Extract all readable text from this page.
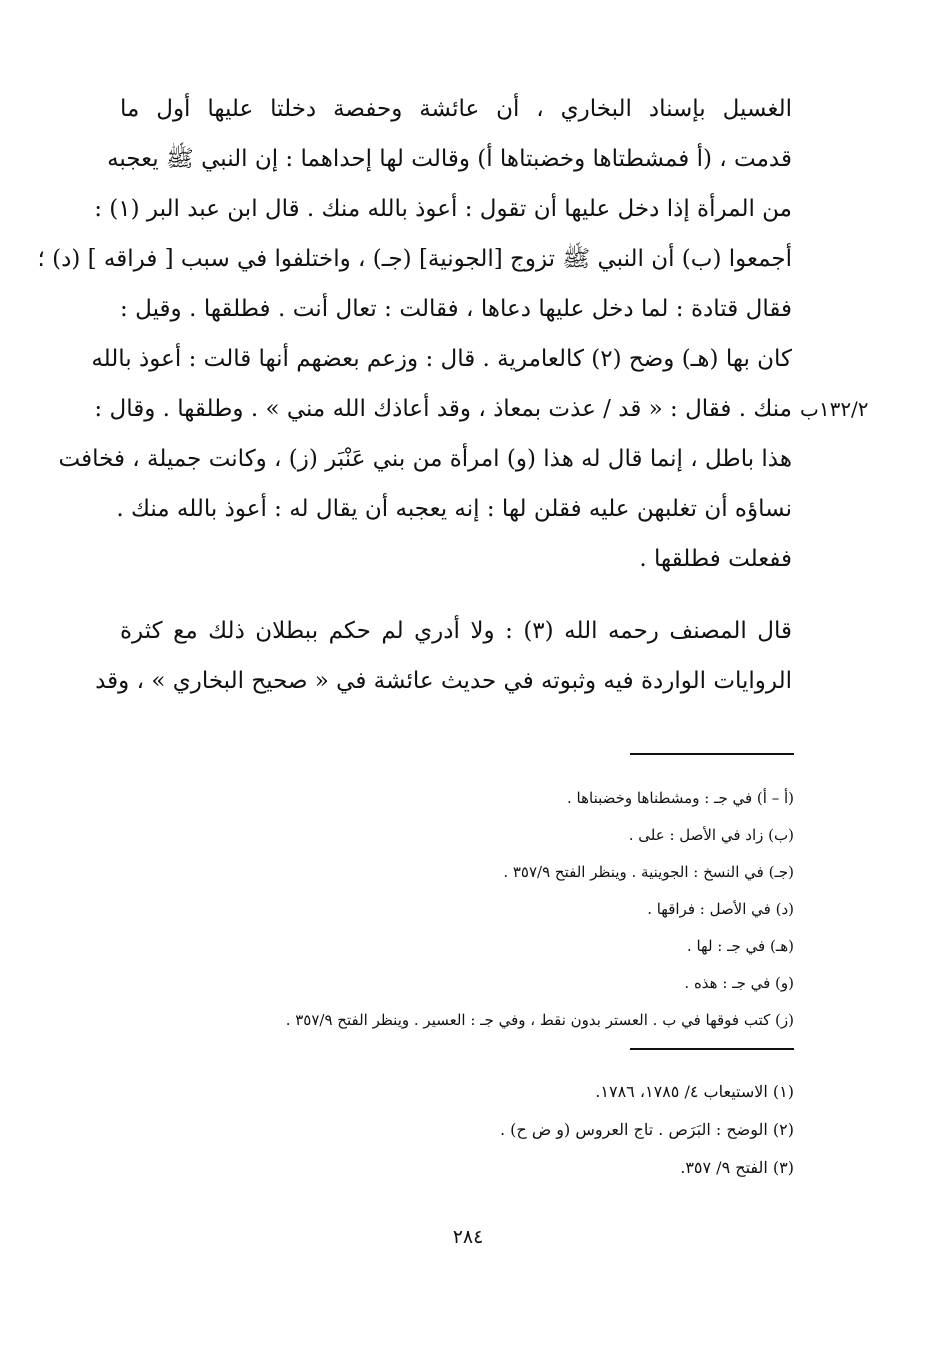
الغسيل بإسناد البخاري ، أن عائشة وحفصة دخلتا عليها أول ما
قدمت ، (أ فمشطتاها وخضبتاها أ) وقالت لها إحداهما : إن النبي ﷺ يعجبه
من المرأة إذا دخل عليها أن تقول : أعوذ بالله منك . قال ابن عبد البر (١) :
أجمعوا (ب) أن النبي ﷺ تزوج [الجونية] (جـ) ، واختلفوا في سبب [ فراقه ] (د) ؛
فقال قتادة : لما دخل عليها دعاها ، فقالت : تعال أنت . فطلقها . وقيل :
كان بها (هـ) وضح (٢) كالعامرية . قال : وزعم بعضهم أنها قالت : أعوذ بالله
منك . فقال : « قد / عذت بمعاذ ، وقد أعاذك الله مني » . وطلقها . وقال :
هذا باطل ، إنما قال له هذا (و) امرأة من بني عَنْبَر (ز) ، وكانت جميلة ، فخافت
نساؤه أن تغلبهن عليه فقلن لها : إنه يعجبه أن يقال له : أعوذ بالله منك .
ففعلت فطلقها .
قال المصنف رحمه الله (٣) : ولا أدري لم حكم ببطلان ذلك مع كثرة
الروايات الواردة فيه وثبوته في حديث عائشة في « صحيح البخاري » ، وقد
١٣٢/٢ب
(أ – أ) في جـ : ومشطناها وخضبناها .
(ب) زاد في الأصل : على .
(جـ) في النسخ : الجوينية . وينظر الفتح ٣٥٧/٩ .
(د) في الأصل : فراقها .
(هـ) في جـ : لها .
(و) في جـ : هذه .
(ز) كتب فوقها في ب . العستر بدون نقط ، وفي جـ : العسير . وينظر الفتح ٣٥٧/٩ .
(١) الاستيعاب ٤/ ١٧٨٥، ١٧٨٦.
(٢) الوضح : البَرَص . تاج العروس (و ض ح) .
(٣) الفتح ٩/ ٣٥٧.
٢٨٤
